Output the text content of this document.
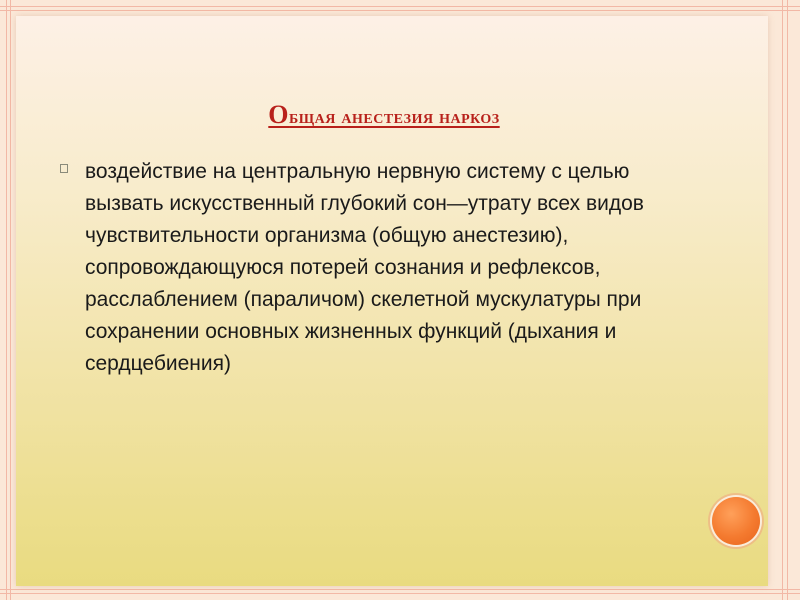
Общая анестезия наркоз

воздействие на центральную нервную систему с целью вызвать искусственный глубокий сон—утрату всех видов чувствительности организма (общую анестезию), сопровождающуюся потерей сознания и рефлексов, расслаблением (параличом) скелетной мускулатуры при сохранении основных жизненных функций (дыхания и сердцебиения)
